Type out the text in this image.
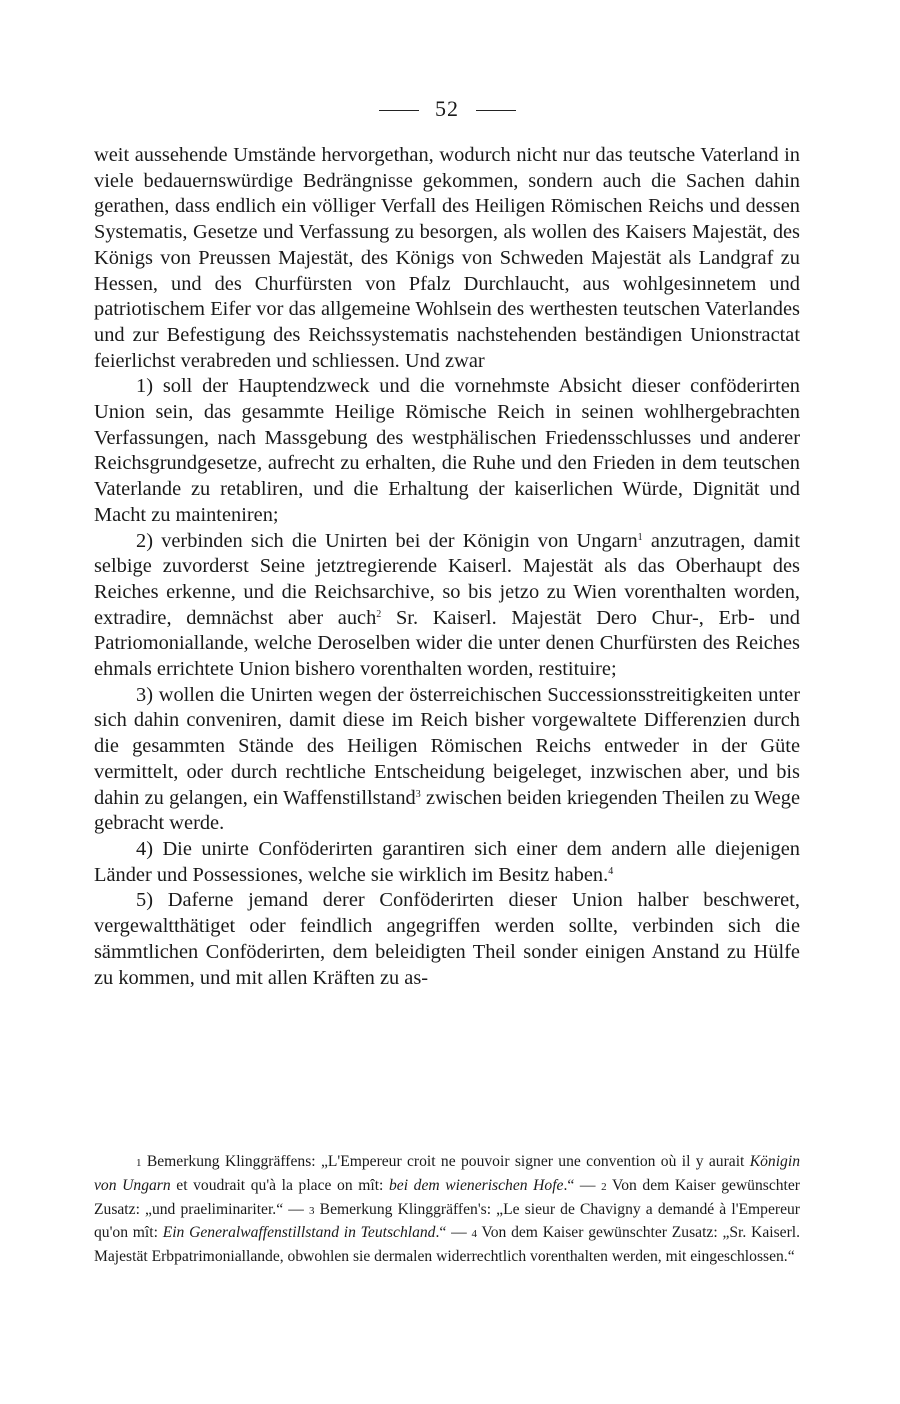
52

weit aussehende Umstände hervorgethan, wodurch nicht nur das teutsche Vaterland in viele bedauernswürdige Bedrängnisse gekommen, sondern auch die Sachen dahin gerathen, dass endlich ein völliger Verfall des Heiligen Römischen Reichs und dessen Systematis, Gesetze und Verfassung zu besorgen, als wollen des Kaisers Majestät, des Königs von Preussen Majestät, des Königs von Schweden Majestät als Landgraf zu Hessen, und des Churfürsten von Pfalz Durchlaucht, aus wohlgesinnetem und patriotischem Eifer vor das allgemeine Wohlsein des werthesten teutschen Vaterlandes und zur Befestigung des Reichssystematis nachstehenden beständigen Unionstractat feierlichst verabreden und schliessen. Und zwar

1) soll der Hauptendzweck und die vornehmste Absicht dieser conföderirten Union sein, das gesammte Heilige Römische Reich in seinen wohlhergebrachten Verfassungen, nach Massgebung des westphälischen Friedensschlusses und anderer Reichsgrundgesetze, aufrecht zu erhalten, die Ruhe und den Frieden in dem teutschen Vaterlande zu retabliren, und die Erhaltung der kaiserlichen Würde, Dignität und Macht zu mainteniren;

2) verbinden sich die Unirten bei der Königin von Ungarn$^1$ anzutragen, damit selbige zuvorderst Seine jetztregierende Kaiserl. Majestät als das Oberhaupt des Reiches erkenne, und die Reichsarchive, so bis jetzo zu Wien vorenthalten worden, extradire, demnächst aber auch$^2$ Sr. Kaiserl. Majestät Dero Chur-, Erb- und Patriomoniallande, welche Deroselben wider die unter denen Churfürsten des Reiches ehmals errichtete Union bishero vorenthalten worden, restituire;

3) wollen die Unirten wegen der österreichischen Successionsstreitigkeiten unter sich dahin conveniren, damit diese im Reich bisher vorgewaltete Differenzien durch die gesammten Stände des Heiligen Römischen Reichs entweder in der Güte vermittelt, oder durch rechtliche Entscheidung beigeleget, inzwischen aber, und bis dahin zu gelangen, ein Waffenstillstand$^3$ zwischen beiden kriegenden Theilen zu Wege gebracht werde.

4) Die unirte Conföderirten garantiren sich einer dem andern alle diejenigen Länder und Possessiones, welche sie wirklich im Besitz haben.$^4$

5) Daferne jemand derer Conföderirten dieser Union halber beschweret, vergewaltthätiget oder feindlich angegriffen werden sollte, verbinden sich die sämmtlichen Conföderirten, dem beleidigten Theil sonder einigen Anstand zu Hülfe zu kommen, und mit allen Kräften zu as-

1 Bemerkung Klinggräffens: „L'Empereur croit ne pouvoir signer une convention où il y aurait Königin von Ungarn et voudrait qu'à la place on mît: bei dem wienerischen Hofe.“ — 2 Von dem Kaiser gewünschter Zusatz: „und praeliminariter.“ — 3 Bemerkung Klinggräffen's: „Le sieur de Chavigny a demandé à l'Empereur qu'on mît: Ein Generalwaffenstillstand in Teutschland.“ — 4 Von dem Kaiser gewünschter Zusatz: „Sr. Kaiserl. Majestät Erbpatrimoniallande, obwohlen sie dermalen widerrechtlich vorenthalten werden, mit eingeschlossen.“
